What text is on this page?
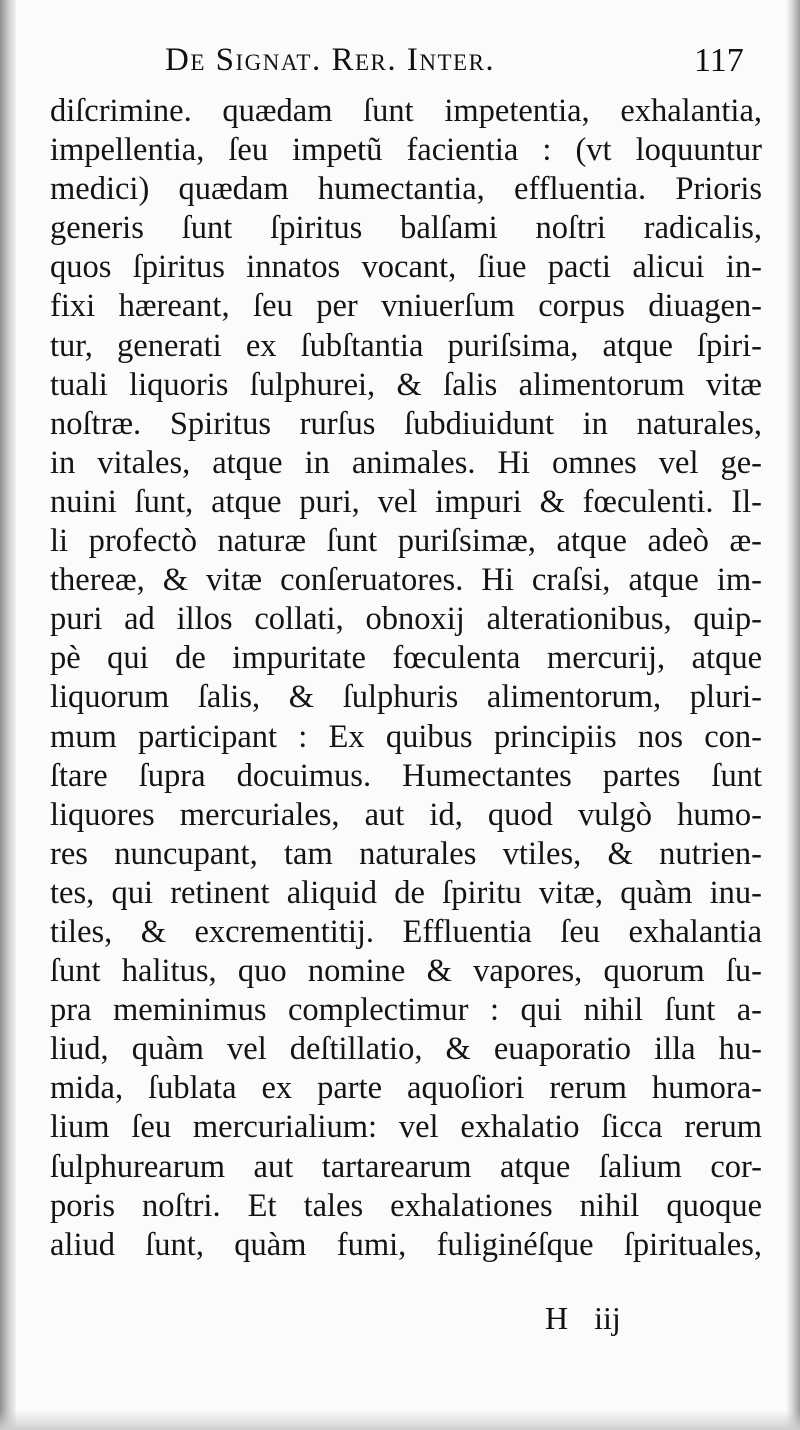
De Signat. Rer. Inter.	117
diſcrimine. quædam ſunt impetentia, exhalantia,
impellentia, ſeu impetũ facientia : (vt loquuntur
medici) quædam humectantia, effluentia. Prioris
generis ſunt ſpiritus balſami noſtri radicalis,
quos ſpiritus innatos vocant, ſiue pacti alicui in-
fixi hæreant, ſeu per vniuerſum corpus diuagen-
tur, generati ex ſubſtantia puriſsima, atque ſpiri-
tuali liquoris ſulphurei, & ſalis alimentorum vitæ
noſtræ. Spiritus rurſus ſubdiuidunt in naturales,
in vitales, atque in animales. Hi omnes vel ge-
nuini ſunt, atque puri, vel impuri & fœculenti. Il-
li profectò naturæ ſunt puriſsimæ, atque adeò æ-
thereæ, & vitæ conſeruatores. Hi craſsi, atque im-
puri ad illos collati, obnoxij alterationibus, quip-
pè qui de impuritate fœculenta mercurij, atque
liquorum ſalis, & ſulphuris alimentorum, pluri-
mum participant : Ex quibus principiis nos con-
ſtare ſupra docuimus. Humectantes partes ſunt
liquores mercuriales, aut id, quod vulgò humo-
res nuncupant, tam naturales vtiles, & nutrien-
tes, qui retinent aliquid de ſpiritu vitæ, quàm inu-
tiles, & excrementitij. Effluentia ſeu exhalantia
ſunt halitus, quo nomine & vapores, quorum ſu-
pra meminimus complectimur : qui nihil ſunt a-
liud, quàm vel deſtillatio, & euaporatio illa hu-
mida, ſublata ex parte aquoſiori rerum humora-
lium ſeu mercurialium: vel exhalatio ſicca rerum
ſulphurearum aut tartarearum atque ſalium cor-
poris noſtri. Et tales exhalationes nihil quoque
aliud ſunt, quàm fumi, fuliginéſque ſpirituales,
H iij
